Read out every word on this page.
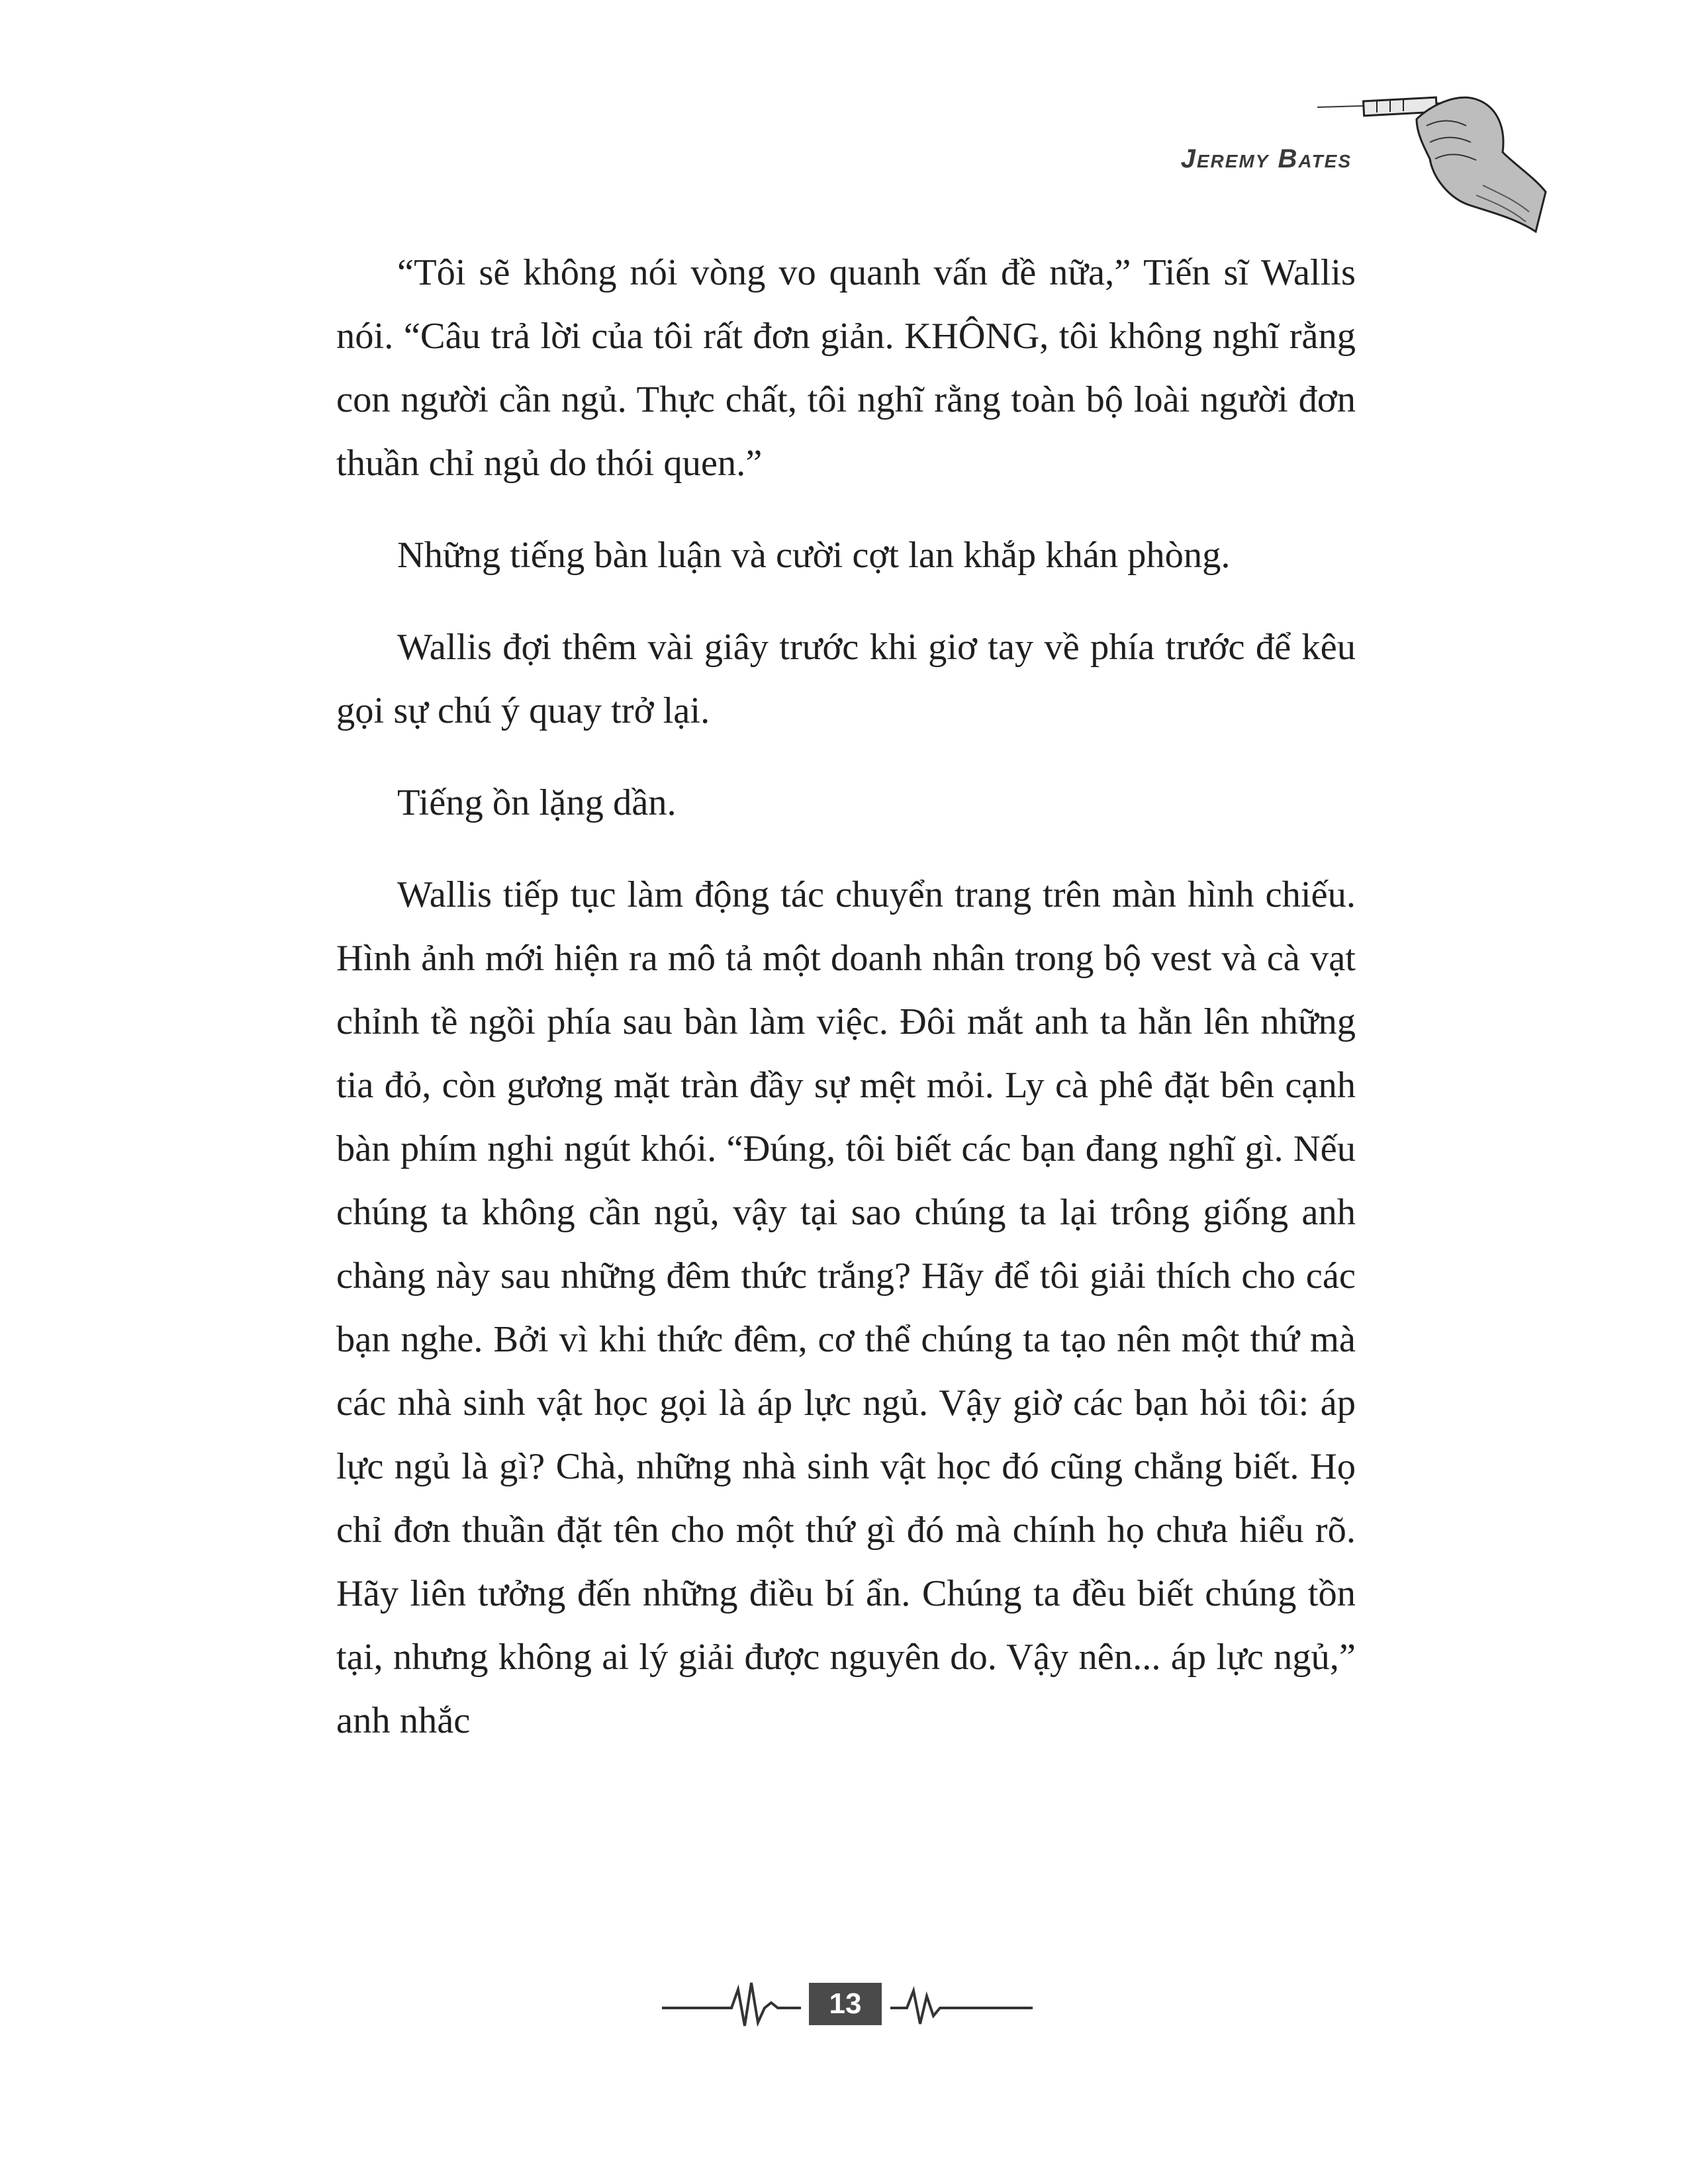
Jeremy Bates

“Tôi sẽ không nói vòng vo quanh vấn đề nữa,” Tiến sĩ Wallis nói. “Câu trả lời của tôi rất đơn giản. KHÔNG, tôi không nghĩ rằng con người cần ngủ. Thực chất, tôi nghĩ rằng toàn bộ loài người đơn thuần chỉ ngủ do thói quen.”

Những tiếng bàn luận và cười cợt lan khắp khán phòng.

Wallis đợi thêm vài giây trước khi giơ tay về phía trước để kêu gọi sự chú ý quay trở lại.

Tiếng ồn lặng dần.

Wallis tiếp tục làm động tác chuyển trang trên màn hình chiếu. Hình ảnh mới hiện ra mô tả một doanh nhân trong bộ vest và cà vạt chỉnh tề ngồi phía sau bàn làm việc. Đôi mắt anh ta hằn lên những tia đỏ, còn gương mặt tràn đầy sự mệt mỏi. Ly cà phê đặt bên cạnh bàn phím nghi ngút khói. “Đúng, tôi biết các bạn đang nghĩ gì. Nếu chúng ta không cần ngủ, vậy tại sao chúng ta lại trông giống anh chàng này sau những đêm thức trắng? Hãy để tôi giải thích cho các bạn nghe. Bởi vì khi thức đêm, cơ thể chúng ta tạo nên một thứ mà các nhà sinh vật học gọi là áp lực ngủ. Vậy giờ các bạn hỏi tôi: áp lực ngủ là gì? Chà, những nhà sinh vật học đó cũng chẳng biết. Họ chỉ đơn thuần đặt tên cho một thứ gì đó mà chính họ chưa hiểu rõ. Hãy liên tưởng đến những điều bí ẩn. Chúng ta đều biết chúng tồn tại, nhưng không ai lý giải được nguyên do. Vậy nên... áp lực ngủ,” anh nhắc

13
